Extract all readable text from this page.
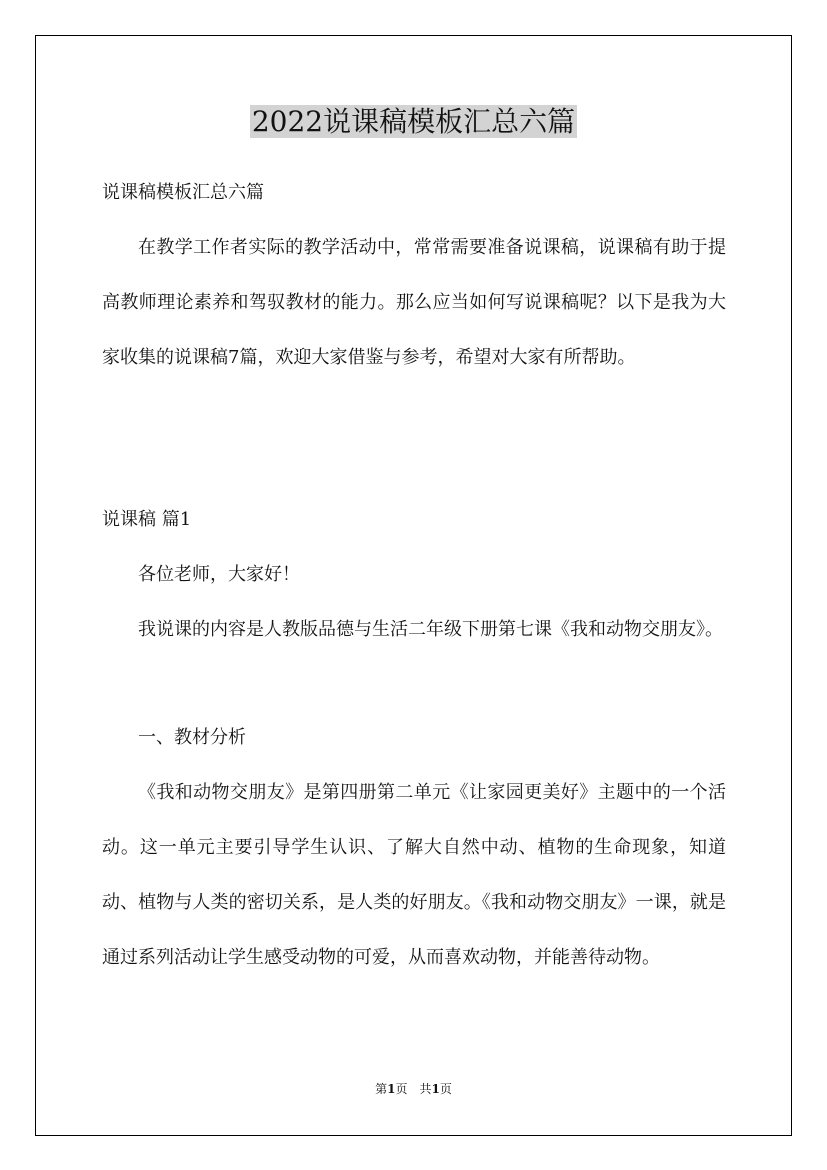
2022说课稿模板汇总六篇

说课稿模板汇总六篇

在教学工作者实际的教学活动中，常常需要准备说课稿，说课稿有助于提高教师理论素养和驾驭教材的能力。那么应当如何写说课稿呢？以下是我为大家收集的说课稿7篇，欢迎大家借鉴与参考，希望对大家有所帮助。

说课稿 篇1

各位老师，大家好！

我说课的内容是人教版品德与生活二年级下册第七课《我和动物交朋友》。

一、教材分析

《我和动物交朋友》是第四册第二单元《让家园更美好》主题中的一个活动。这一单元主要引导学生认识、了解大自然中动、植物的生命现象，知道动、植物与人类的密切关系，是人类的好朋友。《我和动物交朋友》一课，就是通过系列活动让学生感受动物的可爱，从而喜欢动物，并能善待动物。

第1页　共1页
